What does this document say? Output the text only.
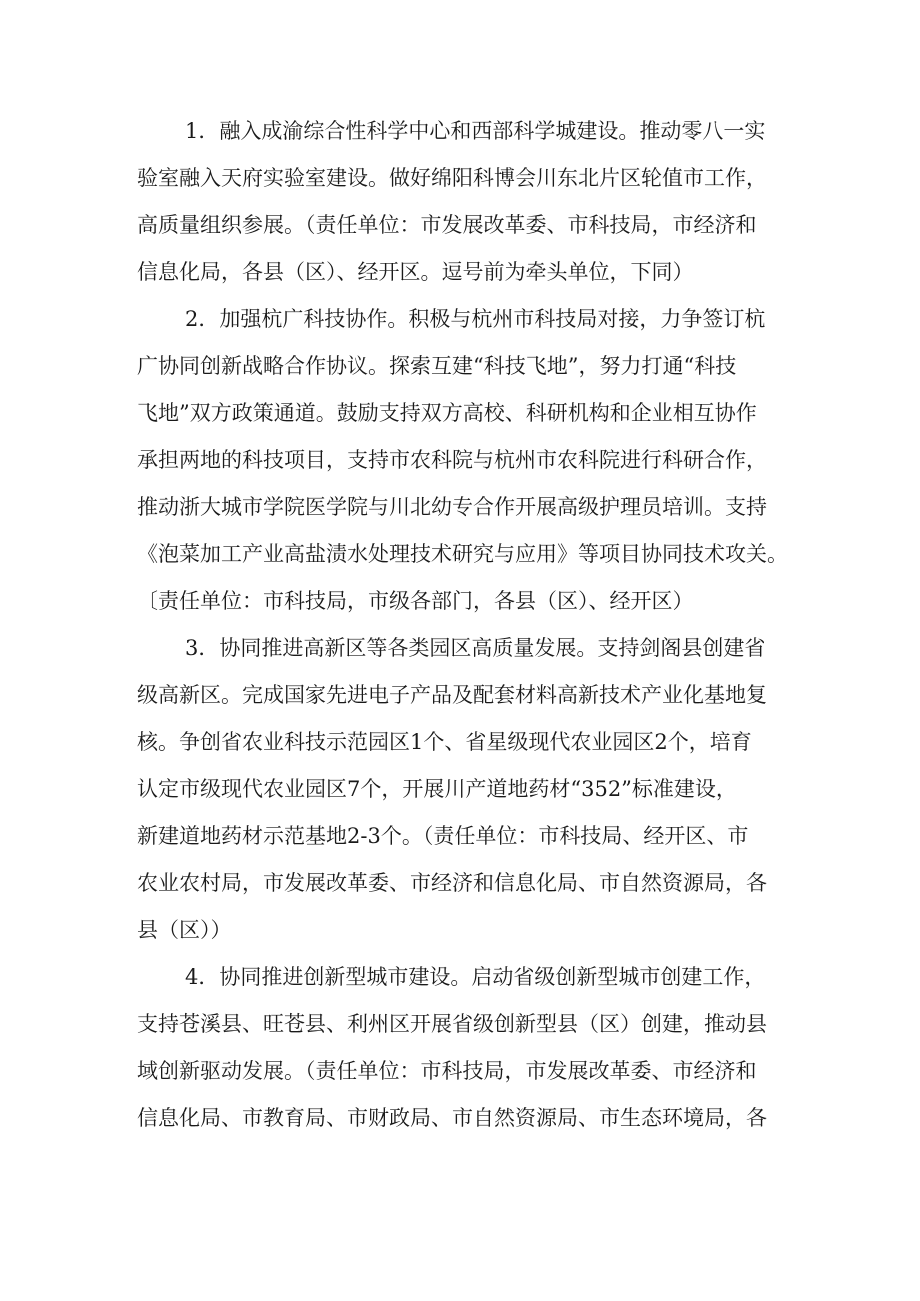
1．融入成渝综合性科学中心和西部科学城建设。推动零八一实
验室融入天府实验室建设。做好绵阳科博会川东北片区轮值市工作，
高质量组织参展。（责任单位：市发展改革委、市科技局，市经济和
信息化局，各县（区）、经开区。逗号前为牵头单位，下同）
2．加强杭广科技协作。积极与杭州市科技局对接，力争签订杭
广协同创新战略合作协议。探索互建“科技飞地”，努力打通“科技
飞地”双方政策通道。鼓励支持双方高校、科研机构和企业相互协作
承担两地的科技项目，支持市农科院与杭州市农科院进行科研合作，
推动浙大城市学院医学院与川北幼专合作开展高级护理员培训。支持
《泡菜加工产业高盐渍水处理技术研究与应用》等项目协同技术攻关。
〔责任单位：市科技局，市级各部门，各县（区）、经开区）
3．协同推进高新区等各类园区高质量发展。支持剑阁县创建省
级高新区。完成国家先进电子产品及配套材料高新技术产业化基地复
核。争创省农业科技示范园区1个、省星级现代农业园区2个，培育
认定市级现代农业园区7个，开展川产道地药材“352”标准建设，
新建道地药材示范基地2-3个。（责任单位：市科技局、经开区、市
农业农村局，市发展改革委、市经济和信息化局、市自然资源局，各
县（区））
4．协同推进创新型城市建设。启动省级创新型城市创建工作，
支持苍溪县、旺苍县、利州区开展省级创新型县（区）创建，推动县
域创新驱动发展。（责任单位：市科技局，市发展改革委、市经济和
信息化局、市教育局、市财政局、市自然资源局、市生态环境局，各
